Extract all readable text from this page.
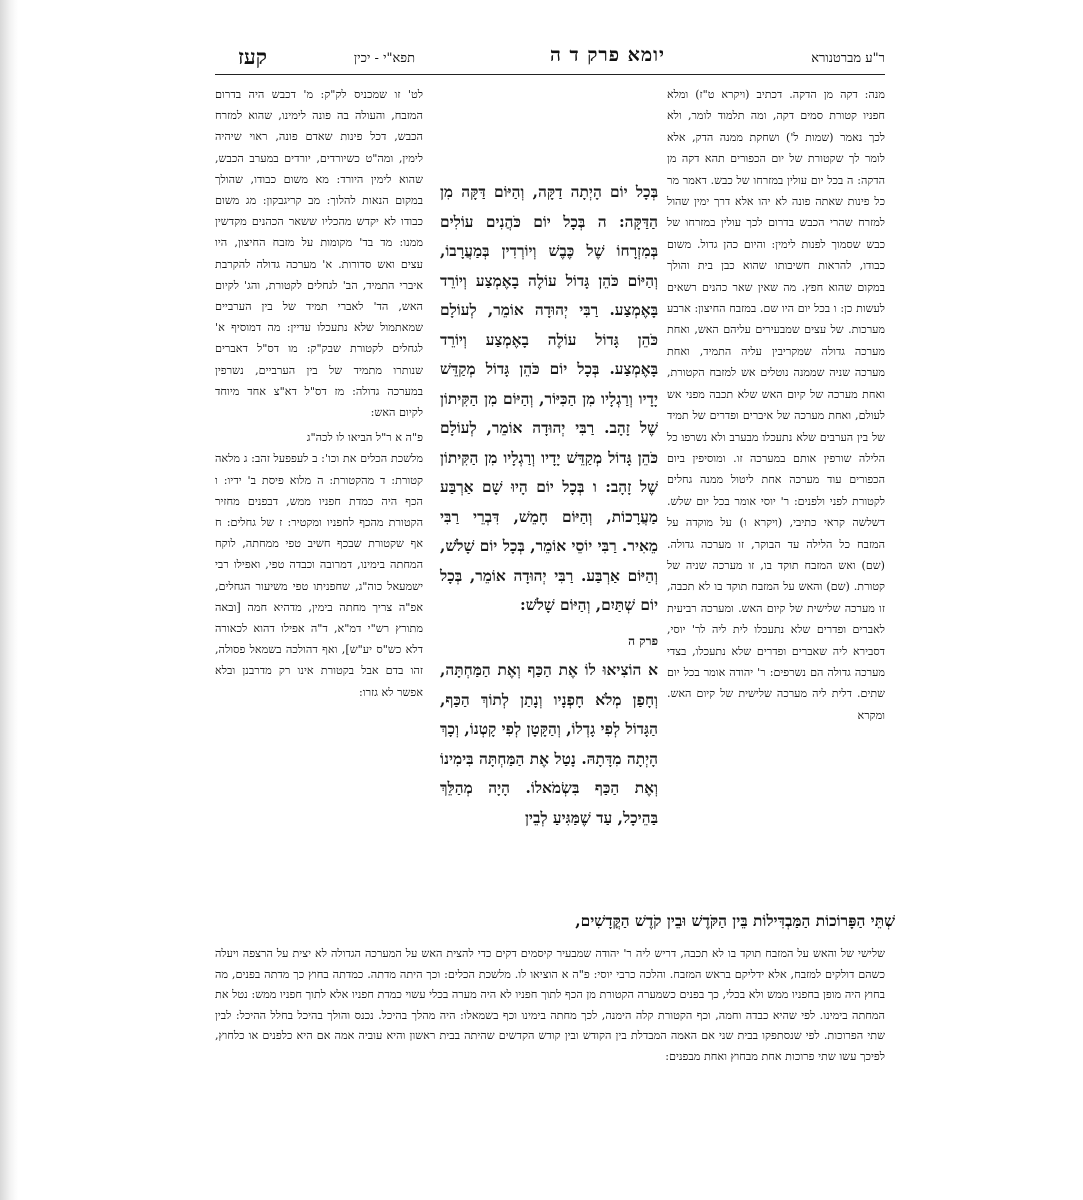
ר"ע מברטנורא
יומא פרק ד ה
תפא"י - יכין
קעז

מנה: דקה מן הדקה. דכתיב (ויקרא ט"ז) ומלא חפניו קטורת סמים דקה, ומה תלמוד לומר, ולא לכך נאמר (שמות ל') ושחקת ממנה הדק, אלא לומר לך שקטורת של יום הכפורים תהא דקה מן הדקה: ה בכל יום עולין במזרחו של כבש. דאמר מר כל פינות שאתה פונה לא יהו אלא דרך ימין שהול למזרח שהרי הכבש בדרום לכך עולין במזרחו של כבש שסמוך לפנות לימין: והיום כהן גדול. משום כבודו, להראות חשיבותו שהוא כבן בית והולך במקום שהוא חפץ. מה שאין שאר כהנים רשאים לעשות כן: ו בכל יום היו שם. במזבח החיצון: ארבע מערכות. של עצים שמבעירים עליהם האש, ואחת מערכה גדולה שמקריבין עליה התמיד, ואחת מערכה שניה שממנה נוטלים אש למזבח הקטורת, ואחת מערכה של קיום האש שלא תכבה מפני אש לעולם, ואחת מערכה של איברים ופדרים של תמיד של בין הערבים שלא נתעכלו מבערב ולא נשרפו כל הלילה שורפין אותם במערכה זו. ומוסיפין ביום הכפורים עוד מערכה אחת ליטול ממנה גחלים לקטורת לפני ולפנים: ר' יוסי אומר בכל יום שלש. דשלשה קראי כתיבי, (ויקרא ו) על מוקדה על המזבח כל הלילה עד הבוקר, זו מערכה גדולה. (שם) ואש המזבח תוקד בו, זו מערכה שניה של קטורת. (שם) והאש על המזבח תוקד בו לא תכבה, זו מערכה שלישית של קיום האש. ומערכה רביעית לאברים ופדרים שלא נתעכלו לית ליה לר' יוסי, דסבירא ליה שאברים ופדרים שלא נתעכלו, בצדי מערכה גדולה הם נשרפים: ר' יהודה אומר בכל יום שתים. דלית ליה מערכה שלישית של קיום האש. ומקרא

לט' זו שמכניס לק"ק: מ' דכבש היה בדרום המזבח, והעולה בה פונה לימינו, שהוא למזרח הכבש, דכל פינות שאדם פונה, ראוי שיהיה לימין, ומה"ט כשיורדים, יורדים במערב הכבש, שהוא לימין היורד: מא משום כבודו, שהולך במקום הנאות להלוך: מב קריגבקון: מג משום כבודו לא יקדש מהכליו ששאר הכהנים מקדשין ממנו: מד בד' מקומות על מזבח החיצון, היו עצים ואש סדורות. א' מערכה גדולה להקרבת איברי התמיד, הב' לגחלים לקטורת, והג' לקיום האש, הד' לאברי תמיד של בין הערביים שמאתמול שלא נתעכלו עדיין: מה דמוסיף א' לגחלים לקטורת שבק"ק: מו דס"ל דאברים שנותרו מתמיד של בין הערביים, נשרפין במערכה גדולה: מז דס"ל דא"צ אחד מיוחד לקיום האש:

פ"ה א ר"ל הביאו לו לכה"ג

מלשכת הכלים את וכו': ב לעפפעל זהב: ג מלאה קטורת: ד מהקטורת: ה מלוא פיסת ב' ידיו: ו הכף היה כמדת חפניו ממש, דבפנים מחזיר הקטורת מהכף לחפניו ומקטיר: ז של גחלים: ח אף שקטורת שבכף חשיב טפי ממחתה, לוקח המחתה בימינו, דמרובה וכבדה טפי, ואפילו רבי ישמעאל כוה"ג, שחפניתו טפי משיעור הגחלים, אפ"ה צריך מחתה בימין, מדהיא חמה [ובאה מתורץ רש"י דמ"א, ד"ה אפילו דהוא לכאורה דלא כש"ס יע"ש], ואף דהולכה בשמאל פסולה, זהו בדם אבל בקטורת אינו רק מדרבנן ובלא אפשר לא גזרו:

בְּכָל יוֹם הָיְתָה דַקָּה, וְהַיּוֹם דַּקָּה מִן הַדַּקָּה: ה בְּכָל יוֹם כֹּהֲנִים עוֹלִים בְּמִזְרָחוֹ שֶׁל כֶּבֶשׁ וְיוֹרְדִין בְּמַעֲרָבוֹ, וְהַיּוֹם כֹּהֵן גָּדוֹל עוֹלֶה בָאֶמְצַע וְיוֹרֵד בָּאֶמְצַע. רַבִּי יְהוּדָה אוֹמֵר, לְעוֹלָם כֹּהֵן גָּדוֹל עוֹלֶה בָאֶמְצַע וְיוֹרֵד בָּאֶמְצַע. בְּכָל יוֹם כֹּהֵן גָּדוֹל מְקַדֵּשׁ יָדָיו וְרַגְלָיו מִן הַכִּיּוֹר, וְהַיּוֹם מִן הַקִּיתוֹן שֶׁל זָהָב. רַבִּי יְהוּדָה אוֹמֵר, לְעוֹלָם כֹּהֵן גָּדוֹל מְקַדֵּשׁ יָדָיו וְרַגְלָיו מִן הַקִּיתוֹן שֶׁל זָהָב: ו בְּכָל יוֹם הָיוּ שָׁם אַרְבַּע מַעֲרָכוֹת, וְהַיּוֹם חָמֵשׁ, דִּבְרֵי רַבִּי מֵאִיר. רַבִּי יוֹסֵי אוֹמֵר, בְּכָל יוֹם שָׁלֹשׁ, וְהַיּוֹם אַרְבַּע. רַבִּי יְהוּדָה אוֹמֵר, בְּכָל יוֹם שְׁתַּיִם, וְהַיּוֹם שָׁלֹשׁ:

פרק ה

א הוֹצִיאוּ לוֹ אֶת הַכַּף וְאֶת הַמַּחְתָּה, וְחָפַן מְלֹא חָפְנָיו וְנָתַן לְתוֹךְ הַכַּף, הַגָּדוֹל לְפִי גָדְלוֹ, וְהַקָּטָן לְפִי קָטְנוֹ, וְכָךְ הָיְתָה מִדָּתָהּ. נָטַל אֶת הַמַּחְתָּה בִּימִינוֹ וְאֶת הַכַּף בִּשְׂמֹאלוֹ. הָיָה מְהַלֵּךְ בַּהֵיכָל, עַד שֶׁמַּגִּיעַ לְבֵין

שְׁתֵּי הַפָּרוֹכוֹת הַמַּבְדִּילוֹת בֵּין הַקֹּדֶשׁ וּבֵין קֹדֶשׁ הַקֳּדָשִׁים,

שלישי של והאש על המזבח תוקד בו לא תכבה, דריש ליה ר' יהודה שמבעיר קיסמים דקים כדי להצית האש על המערכה הגדולה לא יצית על הרצפה ויעלה כשהם דולקים למזבח, אלא ידליקם בראש המזבח. והלכה כרבי יוסי: פ"ה א הוציאו לו. מלשכת הכלים: וכך היתה מדתה. כמדתה בחוץ כך מדתה בפנים, מה בחוץ היה מופן בחפניו ממש ולא בכלי, כך בפנים כשמערה הקטורת מן הכף לתוך חפניו לא היה מערה בכלי עשוי כמדת חפניו אלא לתוך חפניו ממש: נטל את המחתה בימינו. לפי שהיא כבדה וחמה, וכף הקטורת קלה הימנה, לכך מחתה בימינו וכף בשמאלו: היה מהלך בהיכל. נכנס והולך בהיכל בחלל ההיכל: לבין שתי הפרוכות. לפי שנסתפקו בבית שני אם האמה המבדלת בין הקודש ובין קודש הקדשים שהיתה בבית ראשון והיא עוביה אמה אם היא כלפנים או כלחוץ, לפיכך עשו שתי פרוכות אחת מבחוץ ואחת מבפנים:
